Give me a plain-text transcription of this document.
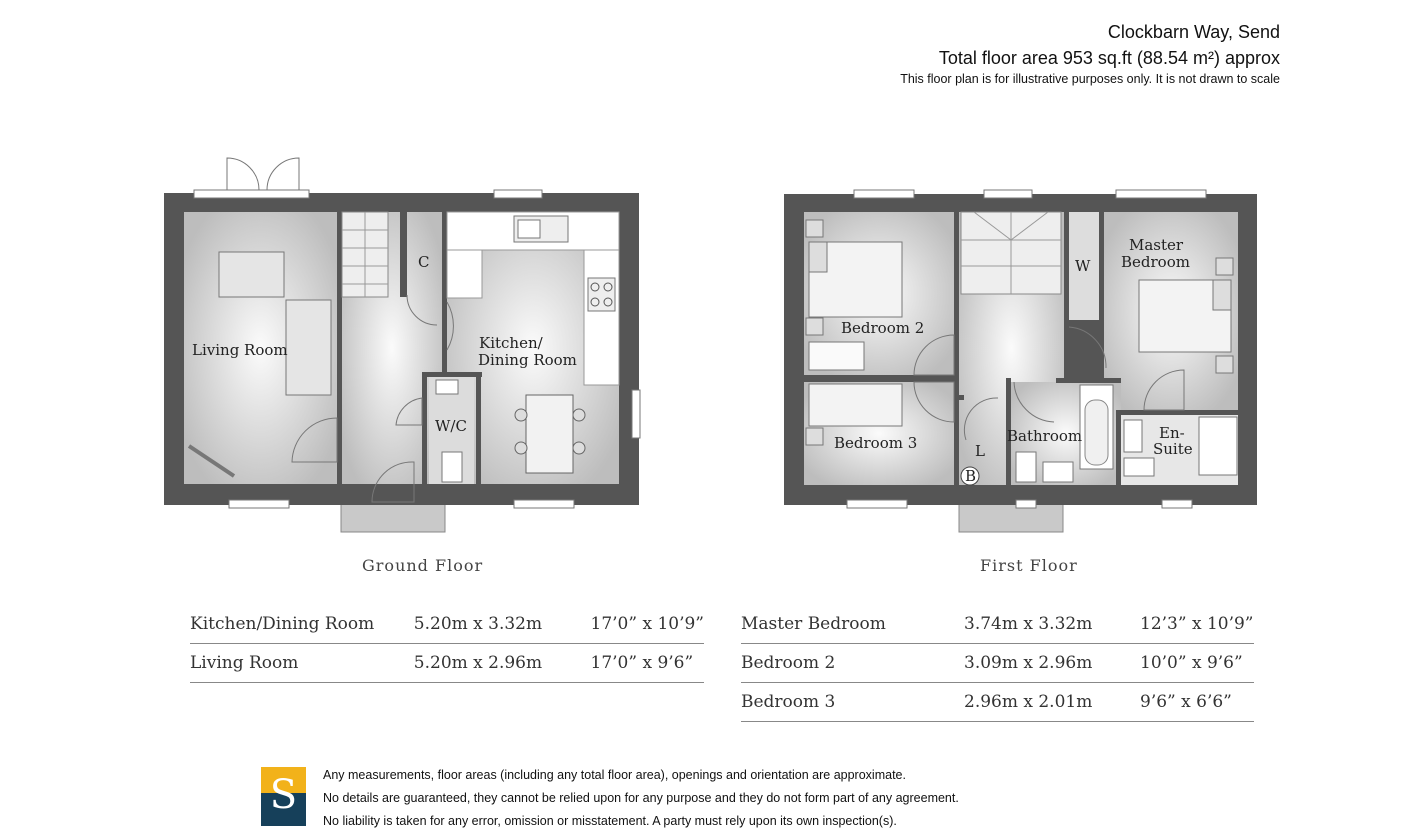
Clockbarn Way, Send
Total floor area 953 sq.ft (88.54 m²) approx
This floor plan is for illustrative purposes only. It is not drawn to scale
Living Room	Kitchen/
Dining Room
C
W/C
Master
Bedroom
W
Bedroom 2
Bedroom 3	L
B
Bathroom	En-
Suite
Ground Floor	First Floor
Kitchen/Dining Room	5.20m x 3.32m	17’0” x 10’9”
Living Room	5.20m x 2.96m	17’0” x 9’6”
Master Bedroom	3.74m x 3.32m	12’3” x 10’9”
Bedroom 2	3.09m x 2.96m	10’0” x 9’6”
Bedroom 3	2.96m x 2.01m	9’6” x 6’6”
S	Any measurements, floor areas (including any total floor area), openings and orientation are approximate.
No details are guaranteed, they cannot be relied upon for any purpose and they do not form part of any agreement.
No liability is taken for any error, omission or misstatement. A party must rely upon its own inspection(s).
